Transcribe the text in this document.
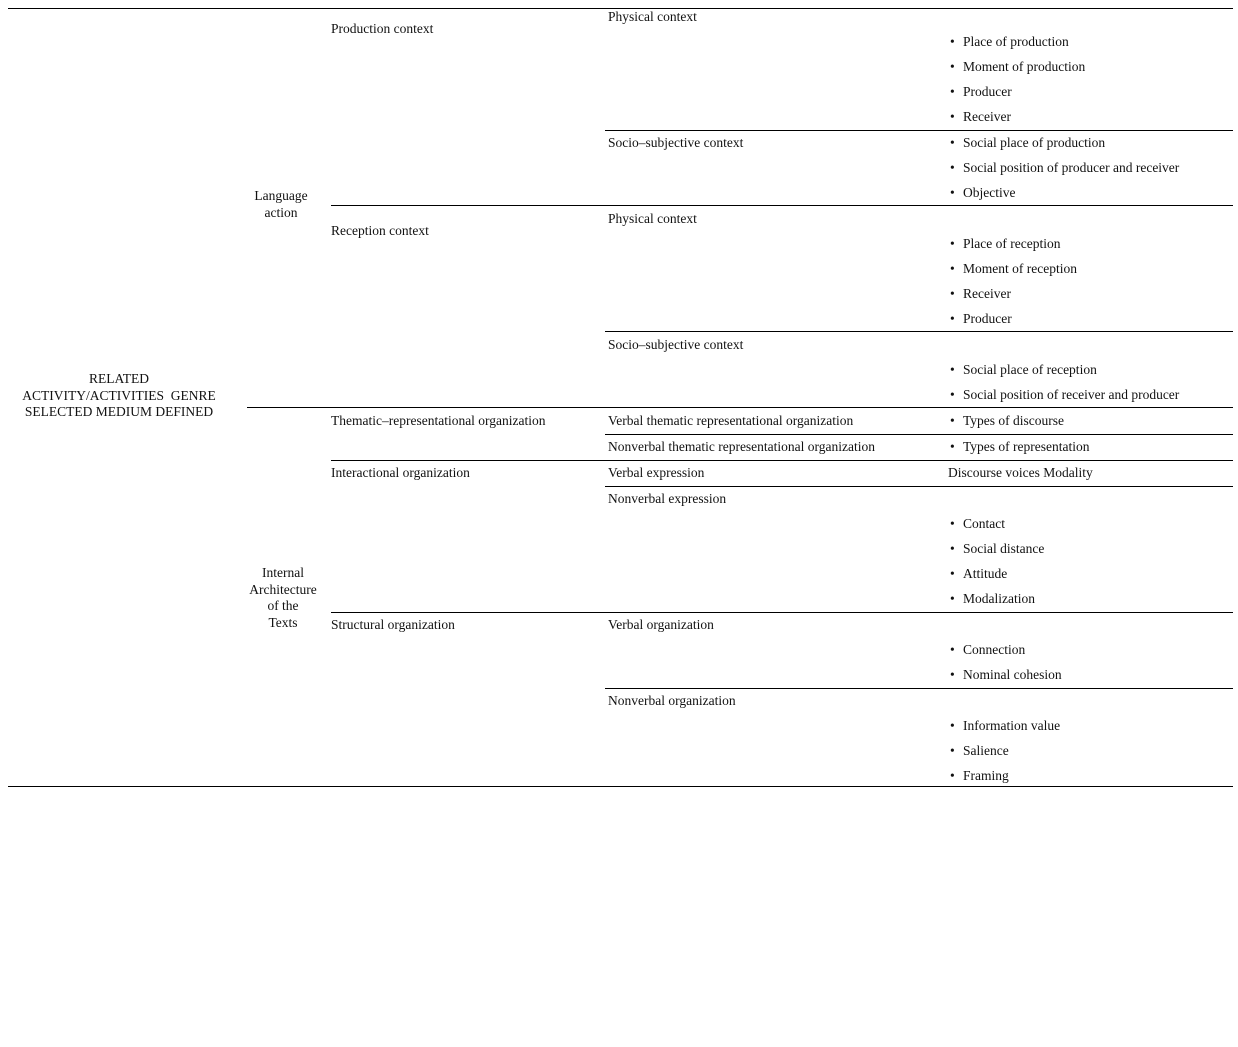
RELATED
ACTIVITY/ACTIVITIES  GENRE
SELECTED MEDIUM DEFINED
Language
action
Internal
Architecture
of the
Texts
Production context
Reception context
Thematic–representational organization
Interactional organization
Structural organization
Physical context
Socio–subjective context
Physical context
Socio–subjective context
Verbal thematic representational organization
Nonverbal thematic representational organization
Verbal expression
Nonverbal expression
Verbal organization
Nonverbal organization
• Place of production
• Moment of production
• Producer
• Receiver
• Social place of production
• Social position of producer and receiver
• Objective
• Place of reception
• Moment of reception
• Receiver
• Producer
• Social place of reception
• Social position of receiver and producer
• Types of discourse
• Types of representation
Discourse voices Modality
• Contact
• Social distance
• Attitude
• Modalization
• Connection
• Nominal cohesion
• Information value
• Salience
• Framing
